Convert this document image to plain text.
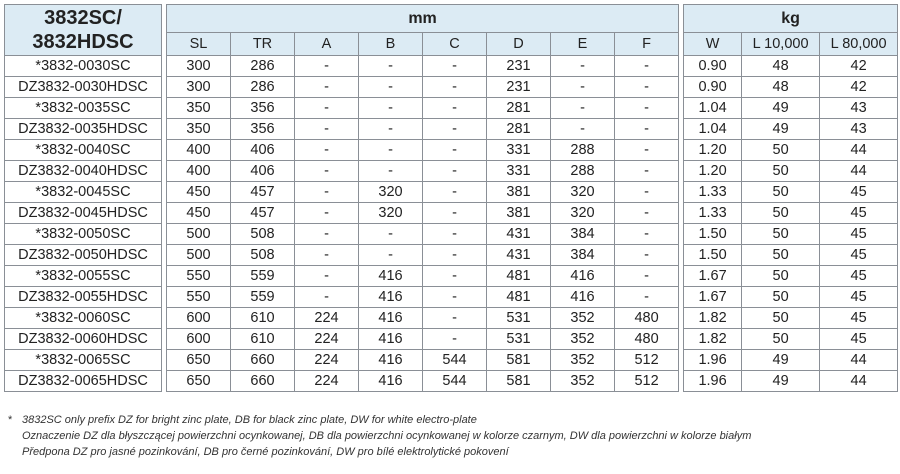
3832SC/
3832HDSC		mm									kg		
		SL	TR	A	B	C	D	E	F		W	L 10,000	L 80,000
*3832-0030SC		300	286	-	-	-	231	-	-		0.90	48	42
DZ3832-0030HDSC		300	286	-	-	-	231	-	-		0.90	48	42
*3832-0035SC		350	356	-	-	-	281	-	-		1.04	49	43
DZ3832-0035HDSC		350	356	-	-	-	281	-	-		1.04	49	43
*3832-0040SC		400	406	-	-	-	331	288	-		1.20	50	44
DZ3832-0040HDSC		400	406	-	-	-	331	288	-		1.20	50	44
*3832-0045SC		450	457	-	320	-	381	320	-		1.33	50	45
DZ3832-0045HDSC		450	457	-	320	-	381	320	-		1.33	50	45
*3832-0050SC		500	508	-	-	-	431	384	-		1.50	50	45
DZ3832-0050HDSC		500	508	-	-	-	431	384	-		1.50	50	45
*3832-0055SC		550	559	-	416	-	481	416	-		1.67	50	45
DZ3832-0055HDSC		550	559	-	416	-	481	416	-		1.67	50	45
*3832-0060SC		600	610	224	416	-	531	352	480		1.82	50	45
DZ3832-0060HDSC		600	610	224	416	-	531	352	480		1.82	50	45
*3832-0065SC		650	660	224	416	544	581	352	512		1.96	49	44
DZ3832-0065HDSC		650	660	224	416	544	581	352	512		1.96	49	44
* 3832SC only prefix DZ for bright zinc plate, DB for black zinc plate, DW for white electro-plate
Oznaczenie DZ dla błyszczącej powierzchni ocynkowanej, DB dla powierzchni ocynkowanej w kolorze czarnym, DW dla powierzchni w kolorze białym
Předpona DZ pro jasné pozinkování, DB pro černé pozinkování, DW pro bílé elektrolytické pokovení
